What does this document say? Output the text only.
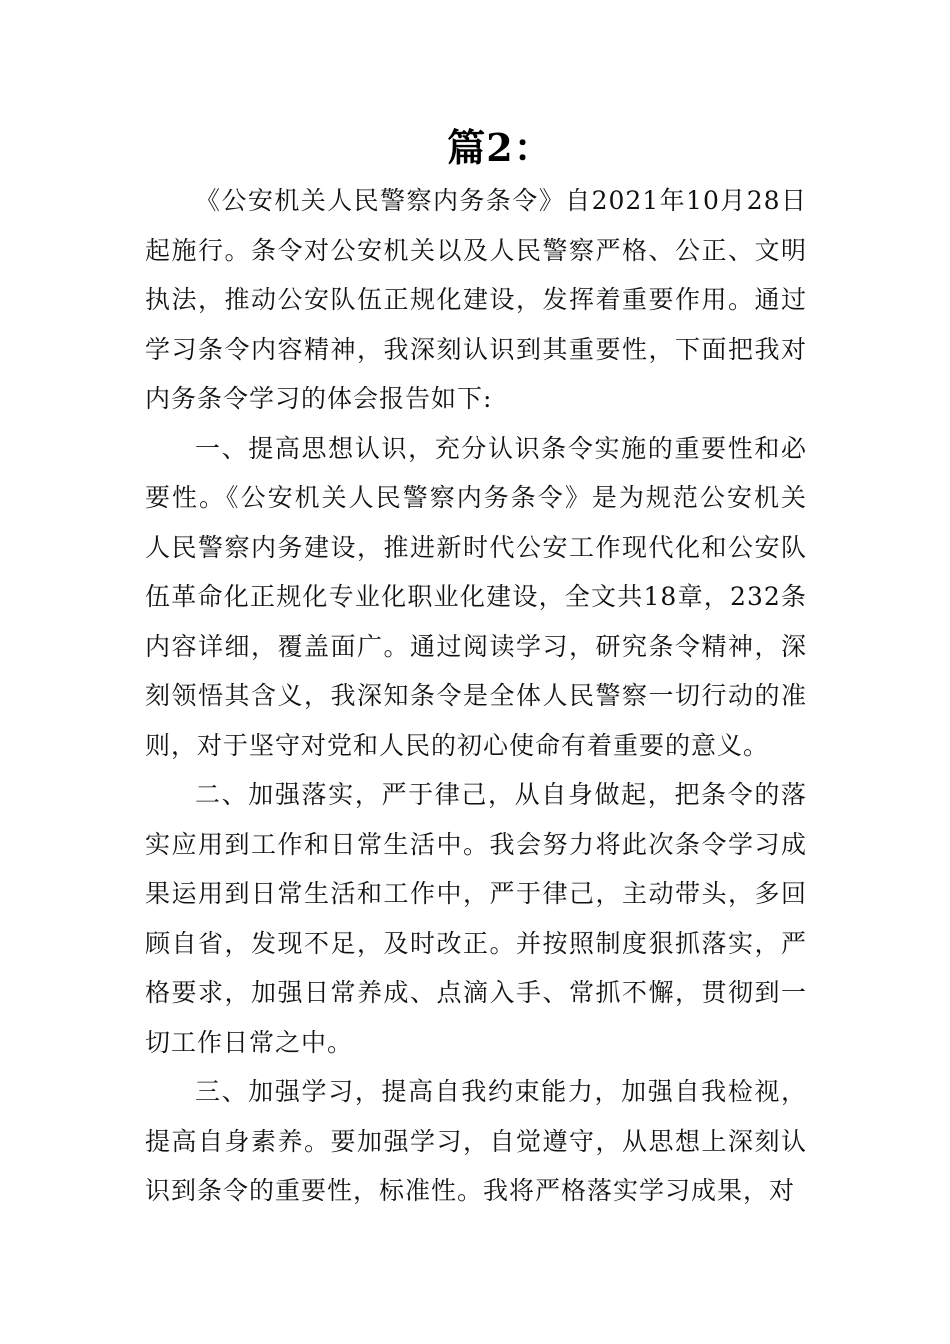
篇2：

《公安机关人民警察内务条令》自2021年10月28日起施行。条令对公安机关以及人民警察严格、公正、文明执法，推动公安队伍正规化建设，发挥着重要作用。通过学习条令内容精神，我深刻认识到其重要性，下面把我对内务条令学习的体会报告如下:

一、提高思想认识，充分认识条令实施的重要性和必要性。《公安机关人民警察内务条令》是为规范公安机关人民警察内务建设，推进新时代公安工作现代化和公安队伍革命化正规化专业化职业化建设，全文共18章，232条内容详细，覆盖面广。通过阅读学习，研究条令精神，深刻领悟其含义，我深知条令是全体人民警察一切行动的准则，对于坚守对党和人民的初心使命有着重要的意义。

二、加强落实，严于律己，从自身做起，把条令的落实应用到工作和日常生活中。我会努力将此次条令学习成果运用到日常生活和工作中，严于律己，主动带头，多回顾自省，发现不足，及时改正。并按照制度狠抓落实，严格要求，加强日常养成、点滴入手、常抓不懈，贯彻到一切工作日常之中。

三、加强学习，提高自我约束能力，加强自我检视，提高自身素养。要加强学习，自觉遵守，从思想上深刻认识到条令的重要性，标准性。我将严格落实学习成果，对
